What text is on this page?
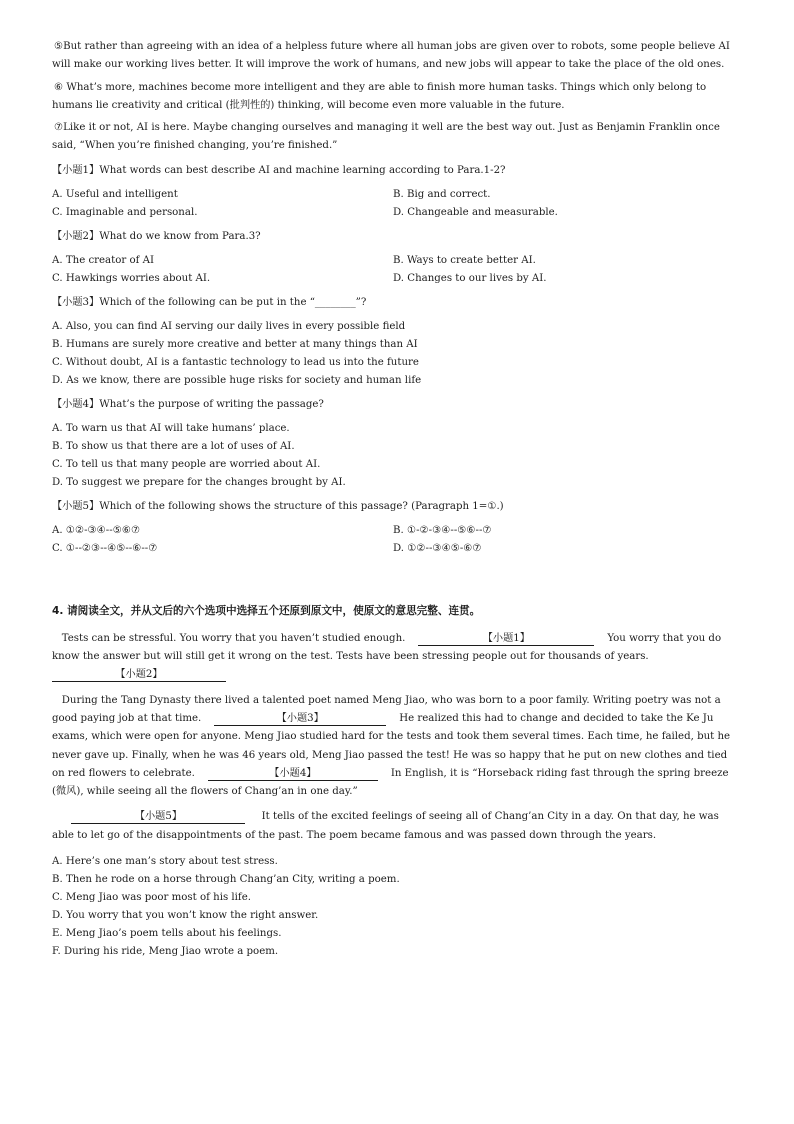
⑤But rather than agreeing with an idea of a helpless future where all human jobs are given over to robots, some people believe AI will make our working lives better. It will improve the work of humans, and new jobs will appear to take the place of the old ones.

⑥ What’s more, machines become more intelligent and they are able to finish more human tasks. Things which only belong to humans lie creativity and critical (批判性的) thinking, will become even more valuable in the future.

⑦Like it or not, AI is here. Maybe changing ourselves and managing it well are the best way out. Just as Benjamin Franklin once said, “When you’re finished changing, you’re finished.”

【小题1】What words can best describe AI and machine learning according to Para.1-2?
A. Useful and intelligent	B. Big and correct.
C. Imaginable and personal.	D. Changeable and measurable.
【小题2】What do we know from Para.3?
A. The creator of AI	B. Ways to create better AI.
C. Hawkings worries about AI.	D. Changes to our lives by AI.
【小题3】Which of the following can be put in the “________”?
A. Also, you can find AI serving our daily lives in every possible field
B. Humans are surely more creative and better at many things than AI
C. Without doubt, AI is a fantastic technology to lead us into the future
D. As we know, there are possible huge risks for society and human life
【小题4】What’s the purpose of writing the passage?
A. To warn us that AI will take humans’ place.
B. To show us that there are a lot of uses of AI.
C. To tell us that many people are worried about AI.
D. To suggest we prepare for the changes brought by AI.
【小题5】Which of the following shows the structure of this passage? (Paragraph 1=①.)
A. ①②-③④--⑤⑥⑦	B. ①-②-③④--⑤⑥--⑦
C. ①--②③--④⑤--⑥--⑦	D. ①②--③④⑤-⑥⑦
4. 请阅读全文，并从文后的六个选项中选择五个还原到原文中，使原文的意思完整、连贯。

Tests can be stressful. You worry that you haven’t studied enough.	【小题1】	You worry that you do know the answer but will still get it wrong on the test. Tests have been stressing people out for thousands of years.     【小题2】

During the Tang Dynasty there lived a talented poet named Meng Jiao, who was born to a poor family. Writing poetry was not a good paying job at that time.	【小题3】	He realized this had to change and decided to take the Ke Ju exams, which were open for anyone. Meng Jiao studied hard for the tests and took them several times. Each time, he failed, but he never gave up. Finally, when he was 46 years old, Meng Jiao passed the test! He was so happy that he put on new clothes and tied on red flowers to celebrate.	【小题4】	In English, it is “Horseback riding fast through the spring breeze (微风), while seeing all the flowers of Chang’an in one day.”

【小题5】	It tells of the excited feelings of seeing all of Chang’an City in a day. On that day, he was able to let go of the disappointments of the past. The poem became famous and was passed down through the years.

A. Here’s one man’s story about test stress.
B. Then he rode on a horse through Chang’an City, writing a poem.
C. Meng Jiao was poor most of his life.
D. You worry that you won’t know the right answer.
E. Meng Jiao’s poem tells about his feelings.
F. During his ride, Meng Jiao wrote a poem.
